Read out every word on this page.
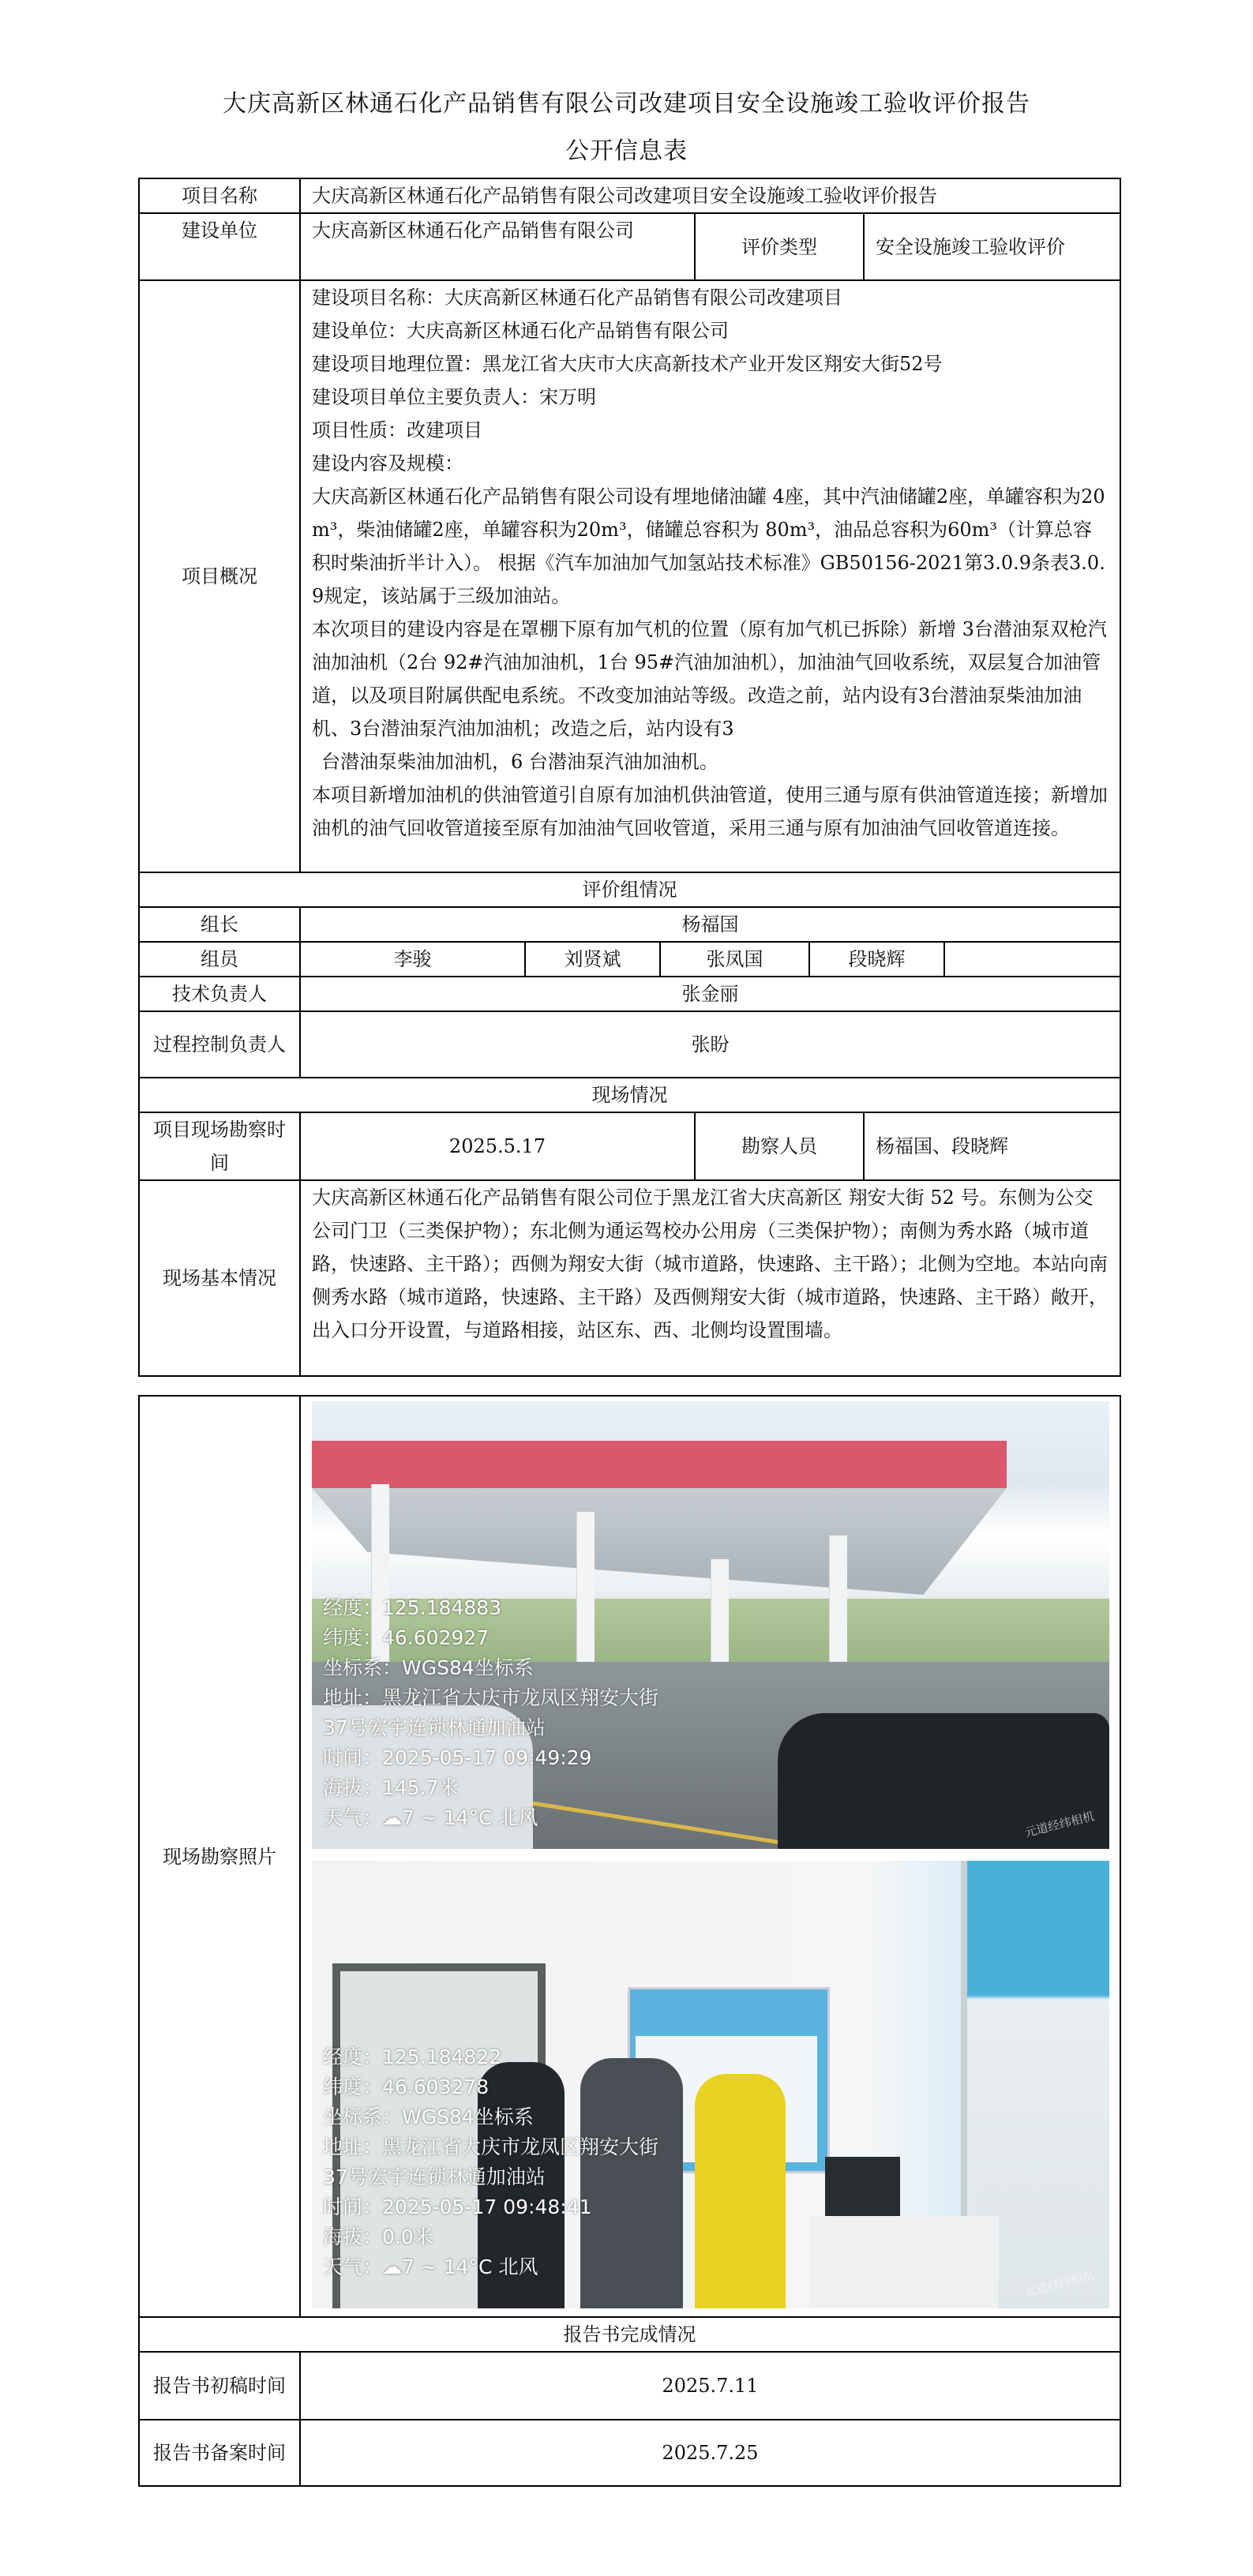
大庆高新区林通石化产品销售有限公司改建项目安全设施竣工验收评价报告
公开信息表
项目名称	大庆高新区林通石化产品销售有限公司改建项目安全设施竣工验收评价报告						
建设单位	大庆高新区林通石化产品销售有限公司			评价类型		安全设施竣工验收评价	
项目概况	

建设项目名称：大庆高新区林通石化产品销售有限公司改建项目

建设单位：大庆高新区林通石化产品销售有限公司

建设项目地理位置：黑龙江省大庆市大庆高新技术产业开发区翔安大街52号

建设项目单位主要负责人：宋万明

项目性质：改建项目

建设内容及规模：

大庆高新区林通石化产品销售有限公司设有埋地储油罐 4座，其中汽油储罐2座，单罐容积为20m³，柴油储罐2座，单罐容积为20m³，储罐总容积为 80m³，油品总容积为60m³（计算总容积时柴油折半计入）。 根据《汽车加油加气加氢站技术标准》GB50156-2021第3.0.9条表3.0.9规定，该站属于三级加油站。

本次项目的建设内容是在罩棚下原有加气机的位置（原有加气机已拆除）新增 3台潜油泵双枪汽油加油机（2台 92#汽油加油机，1台 95#汽油加油机），加油油气回收系统，双层复合加油管道，以及项目附属供配电系统。不改变加油站等级。改造之前，站内设有3台潜油泵柴油加油机、3台潜油泵汽油加油机；改造之后，站内设有3

台潜油泵柴油加油机，6 台潜油泵汽油加油机。

本项目新增加油机的供油管道引自原有加油机供油管道，使用三通与原有供油管道连接；新增加油机的油气回收管道接至原有加油油气回收管道，采用三通与原有加油油气回收管道连接。

评价组情况							
组长	杨福国						
组员	李骏	刘贤斌	张凤国		段晓辉		
技术负责人	张金丽						
过程控制负责人	张盼						
现场情况							
项目现场勘察时间	2025.5.17			勘察人员		杨福国、段晓辉	
现场基本情况	大庆高新区林通石化产品销售有限公司位于黑龙江省大庆高新区 翔安大街 52 号。东侧为公交公司门卫（三类保护物）；东北侧为通运驾校办公用房（三类保护物）；南侧为秀水路（城市道路，快速路、主干路）；西侧为翔安大街（城市道路，快速路、主干路）；北侧为空地。本站向南侧秀水路（城市道路，快速路、主干路）及西侧翔安大街（城市道路，快速路、主干路）敞开，出入口分开设置，与道路相接，站区东、西、北侧均设置围墙。						
现场勘察照片	
经度：125.184883
纬度：46.602927
坐标系：WGS84坐标系
地址：黑龙江省大庆市龙凤区翔安大街
37号宏宇连锁林通加油站
时间：2025-05-17 09:49:29
海拔：145.7米
天气：☁7 ~ 14°C 北风	元道经纬相机
经度：125.184822
纬度：46.603278
坐标系：WGS84坐标系
地址：黑龙江省大庆市龙凤区翔安大街
37号宏宇连锁林通加油站
时间：2025-05-17 09:48:41
海拔：0.0米
天气：☁7 ~ 14°C 北风
元道经纬相机

报告书完成情况	
报告书初稿时间	2025.7.11
报告书备案时间	2025.7.25
